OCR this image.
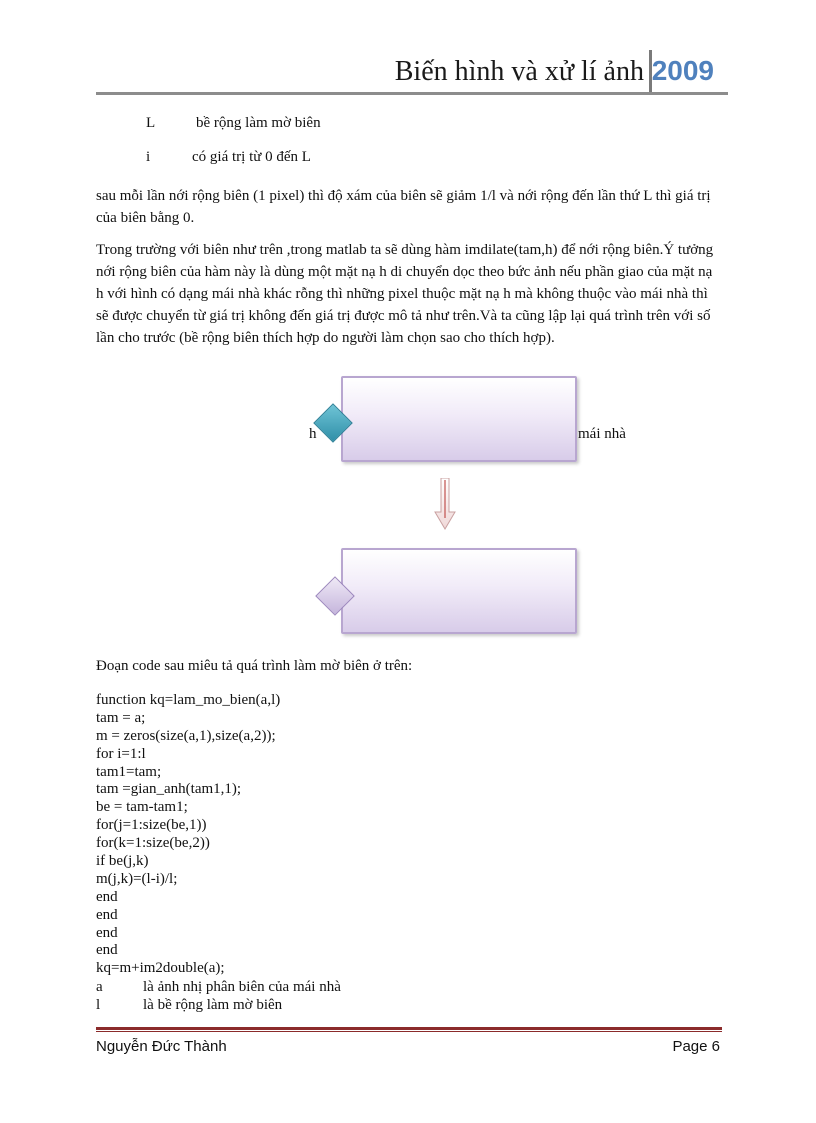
Biến hình và xử lí ảnh 2009
L	bề rộng làm mờ biên
i	có giá trị từ 0 đến L
sau mỗi lần nới rộng biên (1 pixel) thì độ xám của biên sẽ giảm 1/l và nới rộng đến lần thứ L thì giá trị của biên bằng 0.
Trong trường với biên như trên ,trong matlab ta sẽ dùng hàm imdilate(tam,h) để nới rộng biên.Ý tưởng nới rộng biên của hàm này là dùng một mặt nạ h di chuyển dọc theo bức ảnh nếu phần giao của mặt nạ h với hình có dạng mái nhà khác rỗng thì những pixel thuộc mặt nạ h mà không thuộc vào mái nhà thì sẽ được chuyển từ giá trị không đến giá trị được mô tả như trên.Và ta cũng lập lại quá trình trên với số lần cho trước (bề rộng biên thích hợp do người làm chọn sao cho thích hợp).
h	mái nhà
Đoạn code sau miêu tả quá trình làm mờ biên ở trên:
function kq=lam_mo_bien(a,l)
tam = a;
m = zeros(size(a,1),size(a,2));
for i=1:l
tam1=tam;
tam =gian_anh(tam1,1);
be = tam-tam1;
for(j=1:size(be,1))
for(k=1:size(be,2))
if be(j,k)
m(j,k)=(l-i)/l;
end
end
end
end
kq=m+im2double(a);
a	là ảnh nhị phân biên của mái nhà
l	là bề rộng làm mờ biên
Nguyễn Đức Thành	Page 6
